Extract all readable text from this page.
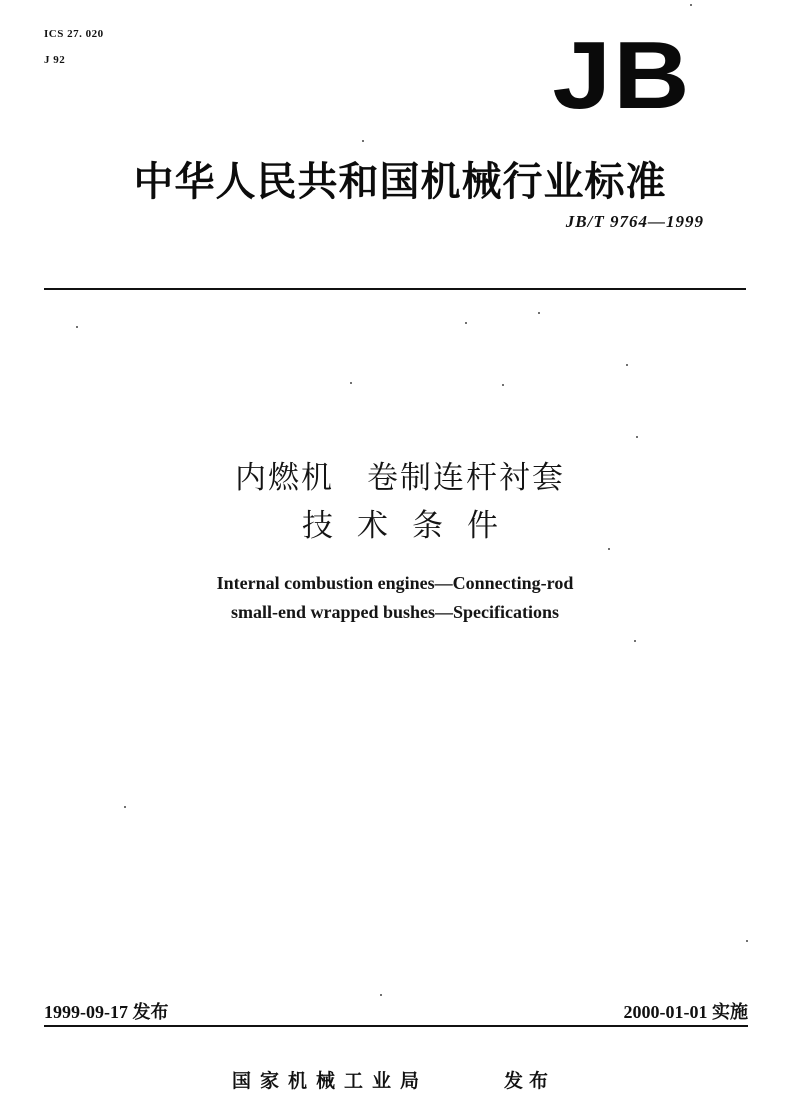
ICS 27. 020
J 92	JB
中华人民共和国机械行业标准
JB/T 9764—1999
内燃机　卷制连杆衬套
技术条件
Internal combustion engines—Connecting-rod
small-end wrapped bushes—Specifications
1999-09-17 发布	2000-01-01 实施
国家机械工业局	发布
